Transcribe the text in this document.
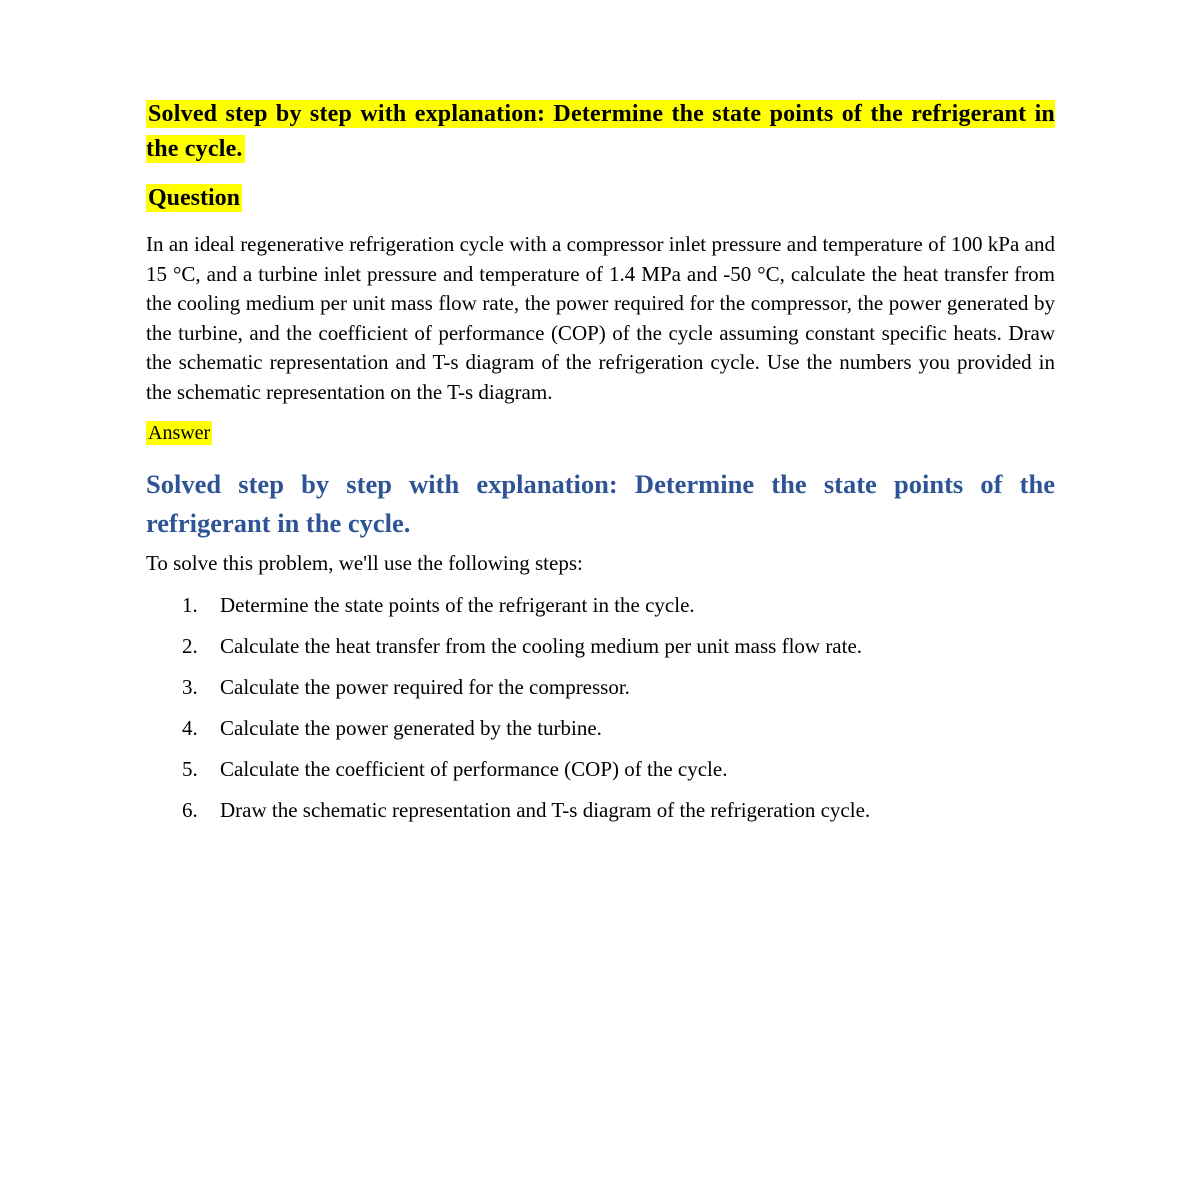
Solved step by step with explanation: Determine the state points of the refrigerant in the cycle.
Question

In an ideal regenerative refrigeration cycle with a compressor inlet pressure and temperature of 100 kPa and 15 °C, and a turbine inlet pressure and temperature of 1.4 MPa and -50 °C, calculate the heat transfer from the cooling medium per unit mass flow rate, the power required for the compressor, the power generated by the turbine, and the coefficient of performance (COP) of the cycle assuming constant specific heats. Draw the schematic representation and T-s diagram of the refrigeration cycle. Use the numbers you provided in the schematic representation on the T-s diagram.

Answer

Solved step by step with explanation: Determine the state points of the refrigerant in the cycle.

To solve this problem, we'll use the following steps:

Determine the state points of the refrigerant in the cycle.
Calculate the heat transfer from the cooling medium per unit mass flow rate.
Calculate the power required for the compressor.
Calculate the power generated by the turbine.
Calculate the coefficient of performance (COP) of the cycle.
Draw the schematic representation and T-s diagram of the refrigeration cycle.
